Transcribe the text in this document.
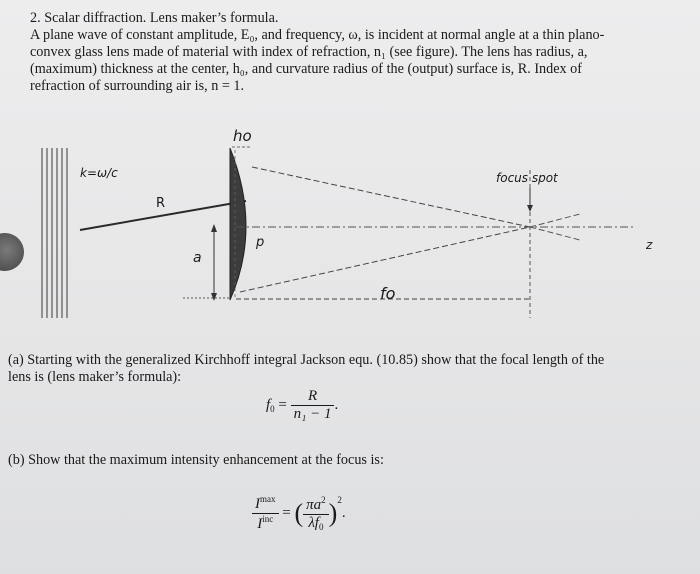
2. Scalar diffraction. Lens maker’s formula.

A plane wave of constant amplitude, E₀, and frequency, ω, is incident at normal angle at a thin plano-

convex glass lens made of material with index of refraction, n₁ (see figure). The lens has radius, a,

(maximum) thickness at the center, h₀, and curvature radius of the (output) surface is, R. Index of

refraction of surrounding air is, n = 1.

ho
k=ω/c
R
a
p
focus spot
z
fo

(a) Starting with the generalized Kirchhoff integral Jackson equ. (10.85) show that the focal length of the

lens is (lens maker’s formula):

$f_0 = \frac{R}{\text{n₁ − 1}}$ .

(b) Show that the maximum intensity enhancement at the focus is:

$\frac{I^{max}}{I^{inc}}$ = ( $\frac{\pi a^2}{\lambda f_0} )^2$.
